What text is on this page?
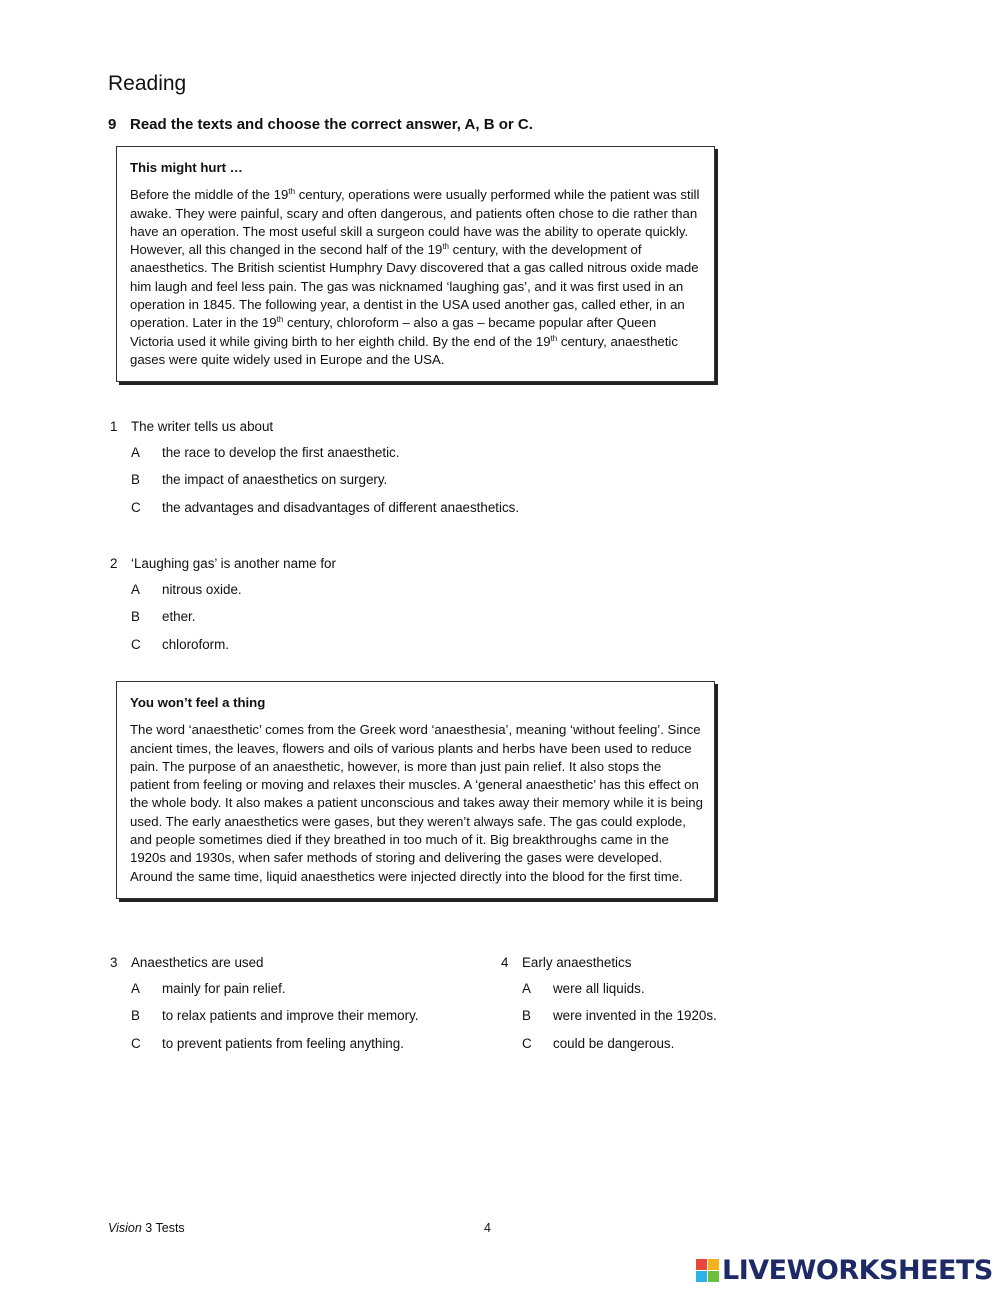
Reading
9 Read the texts and choose the correct answer, A, B or C.
This might hurt …

Before the middle of the 19th century, operations were usually performed while the patient was still awake. They were painful, scary and often dangerous, and patients often chose to die rather than have an operation. The most useful skill a surgeon could have was the ability to operate quickly. However, all this changed in the second half of the 19th century, with the development of anaesthetics. The British scientist Humphry Davy discovered that a gas called nitrous oxide made him laugh and feel less pain. The gas was nicknamed ‘laughing gas’, and it was first used in an operation in 1845. The following year, a dentist in the USA used another gas, called ether, in an operation. Later in the 19th century, chloroform – also a gas – became popular after Queen Victoria used it while giving birth to her eighth child. By the end of the 19th century, anaesthetic gases were quite widely used in Europe and the USA.

1	The writer tells us about
A	the race to develop the first anaesthetic.
B	the impact of anaesthetics on surgery.
C	the advantages and disadvantages of different anaesthetics.
2	‘Laughing gas’ is another name for
A	nitrous oxide.
B	ether.
C	chloroform.
You won’t feel a thing

The word ‘anaesthetic’ comes from the Greek word ‘anaesthesia’, meaning ‘without feeling’. Since ancient times, the leaves, flowers and oils of various plants and herbs have been used to reduce pain. The purpose of an anaesthetic, however, is more than just pain relief. It also stops the patient from feeling or moving and relaxes their muscles. A ‘general anaesthetic’ has this effect on the whole body. It also makes a patient unconscious and takes away their memory while it is being used. The early anaesthetics were gases, but they weren’t always safe. The gas could explode, and people sometimes died if they breathed in too much of it. Big breakthroughs came in the 1920s and 1930s, when safer methods of storing and delivering the gases were developed. Around the same time, liquid anaesthetics were injected directly into the blood for the first time.

3	Anaesthetics are used
A	mainly for pain relief.
B	to relax patients and improve their memory.
C	to prevent patients from feeling anything.
4	Early anaesthetics
A	were all liquids.
B	were invented in the 1920s.
C	could be dangerous.
Vision 3 Tests	4
LIVEWORKSHEETS
